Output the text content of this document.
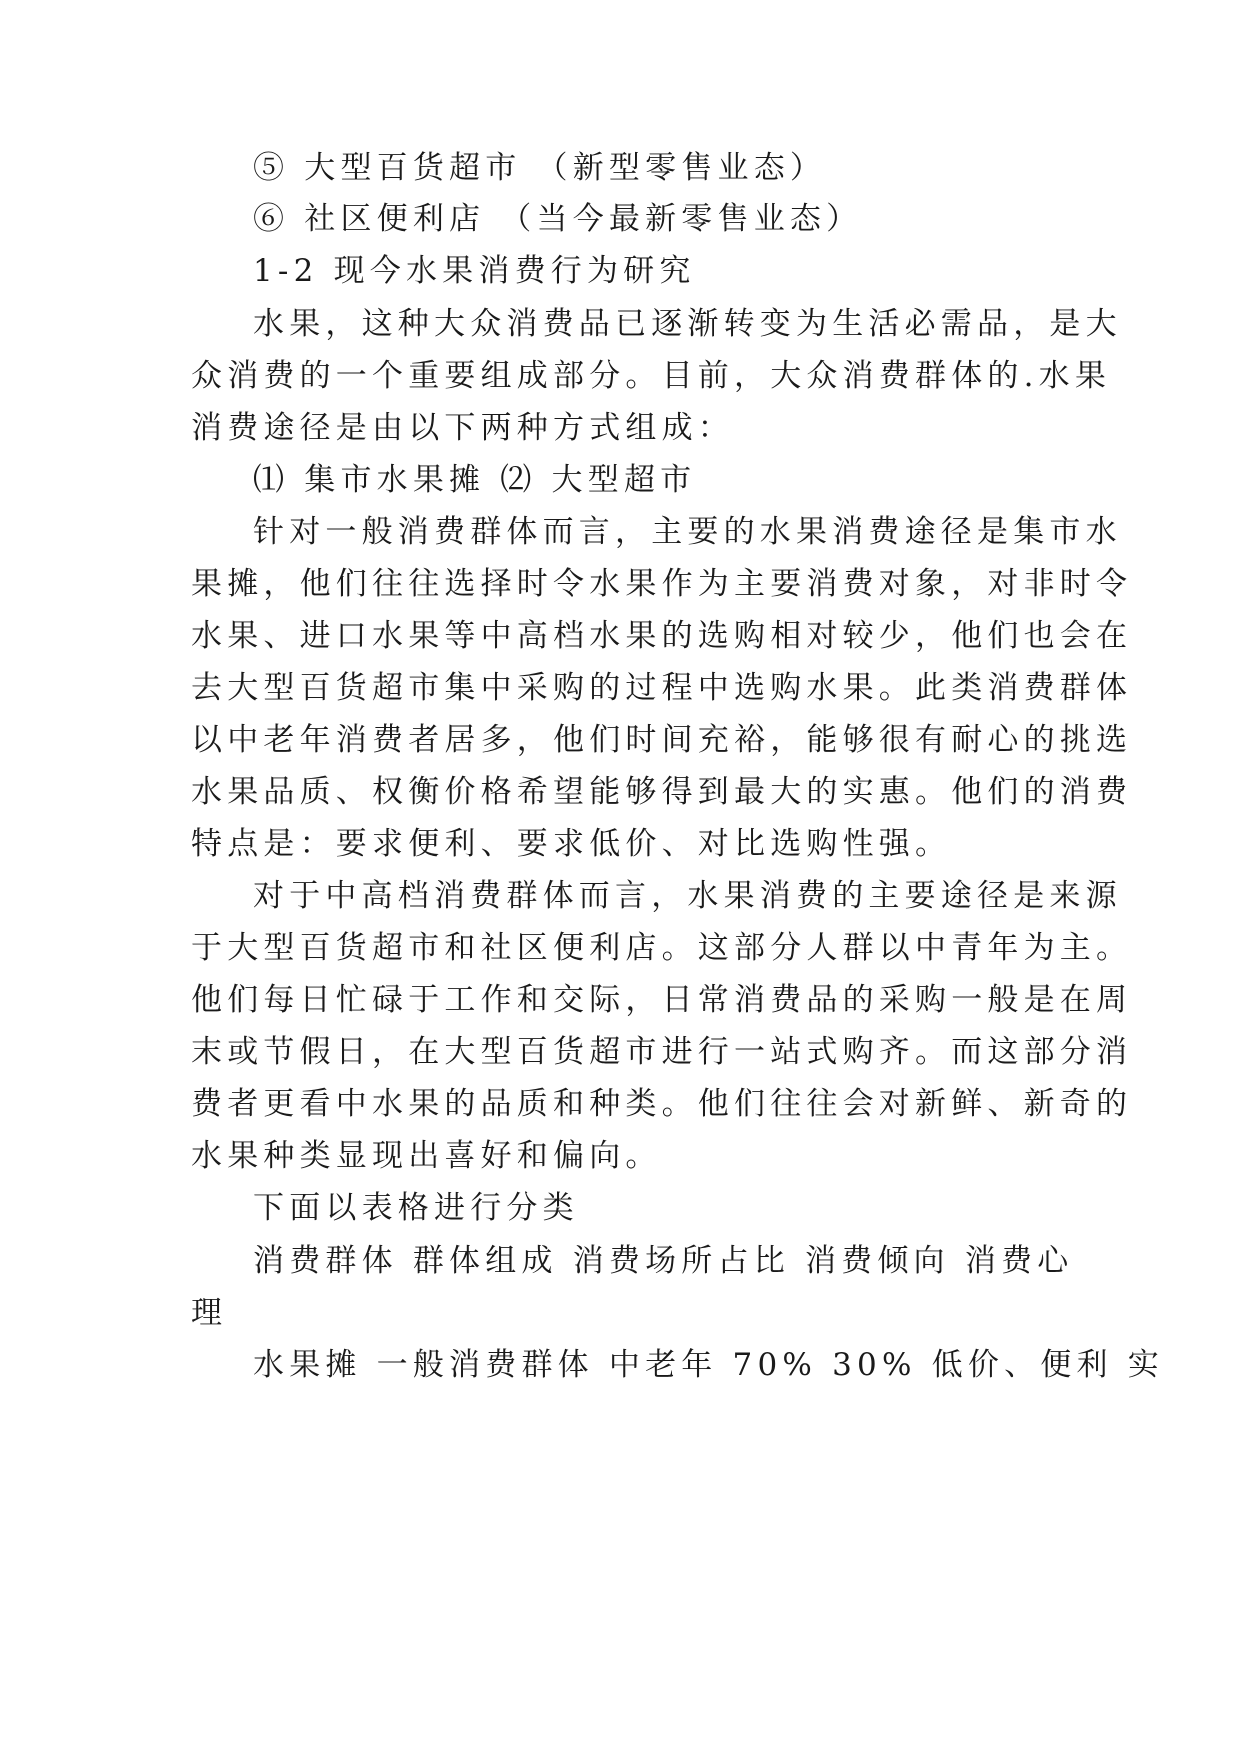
⑤ 大型百货超市 （新型零售业态）
⑥ 社区便利店 （当今最新零售业态）
1-2 现今水果消费行为研究
水果，这种大众消费品已逐渐转变为生活必需品，是大
众消费的一个重要组成部分。目前，大众消费群体的.水果
消费途径是由以下两种方式组成：
⑴ 集市水果摊 ⑵ 大型超市
针对一般消费群体而言，主要的水果消费途径是集市水
果摊，他们往往选择时令水果作为主要消费对象，对非时令
水果、进口水果等中高档水果的选购相对较少，他们也会在
去大型百货超市集中采购的过程中选购水果。此类消费群体
以中老年消费者居多，他们时间充裕，能够很有耐心的挑选
水果品质、权衡价格希望能够得到最大的实惠。他们的消费
特点是：要求便利、要求低价、对比选购性强。
对于中高档消费群体而言，水果消费的主要途径是来源
于大型百货超市和社区便利店。这部分人群以中青年为主。
他们每日忙碌于工作和交际，日常消费品的采购一般是在周
末或节假日，在大型百货超市进行一站式购齐。而这部分消
费者更看中水果的品质和种类。他们往往会对新鲜、新奇的
水果种类显现出喜好和偏向。
下面以表格进行分类
消费群体 群体组成 消费场所占比 消费倾向 消费心
理
水果摊 一般消费群体 中老年 70% 30% 低价、便利 实
